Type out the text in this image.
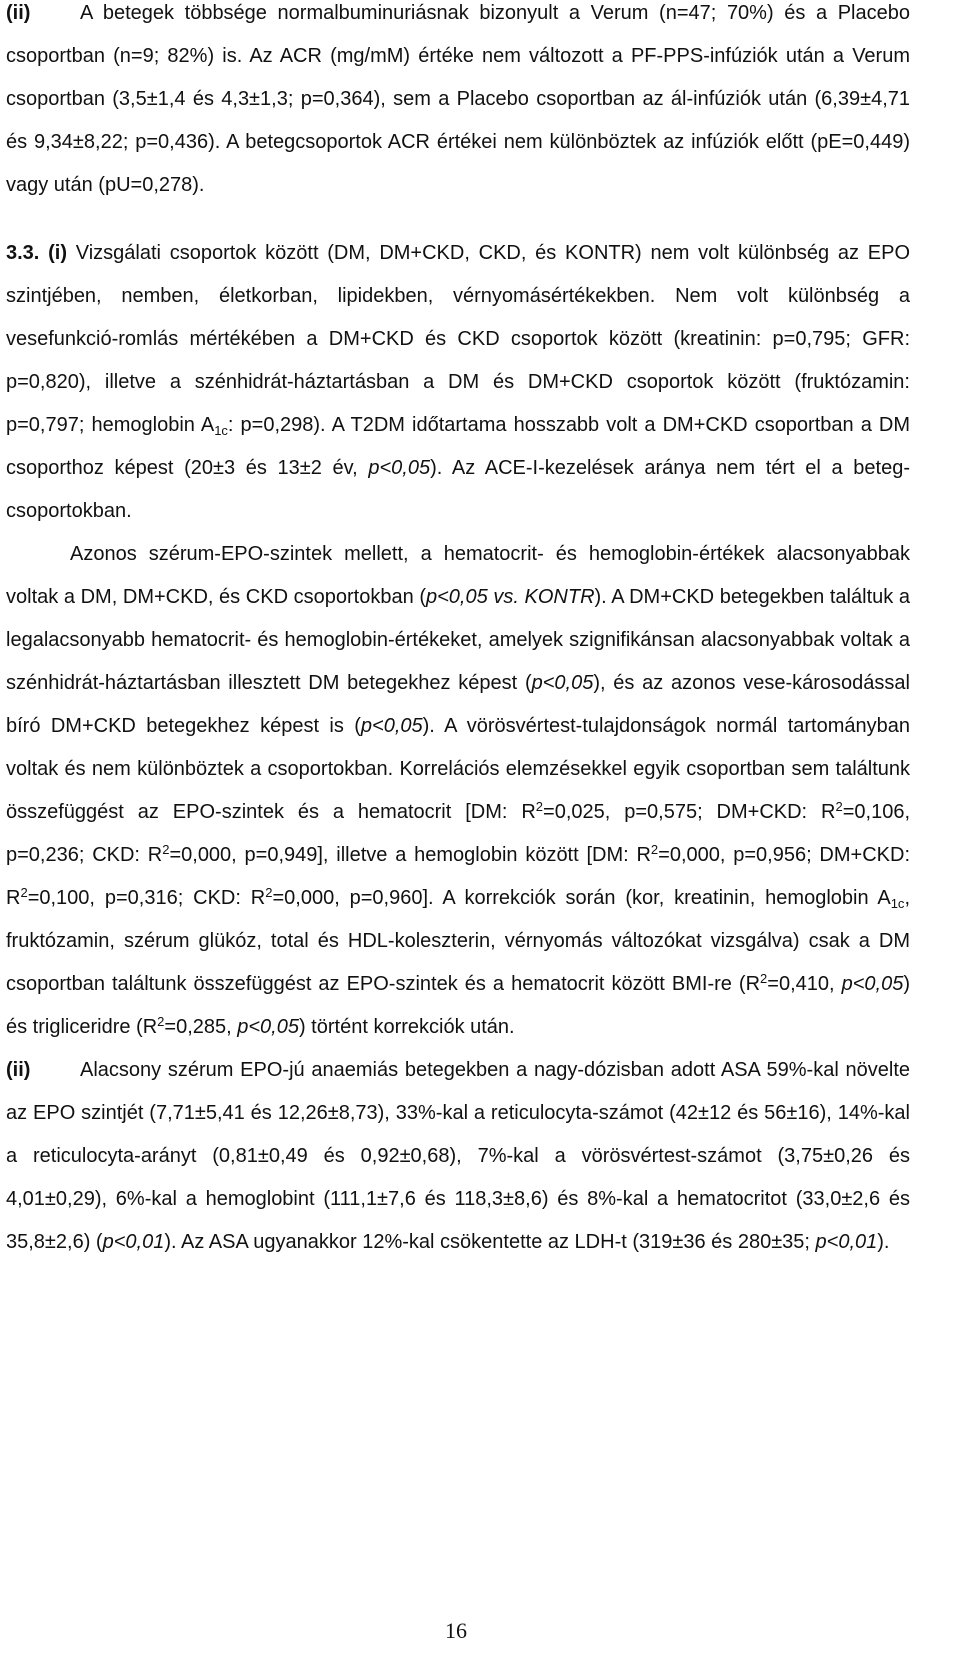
(ii) A betegek többsége normalbuminuriásnak bizonyult a Verum (n=47; 70%) és a Placebo csoportban (n=9; 82%) is. Az ACR (mg/mM) értéke nem változott a PF-PPS-infúziók után a Verum csoportban (3,5±1,4 és 4,3±1,3; p=0,364), sem a Placebo csoportban az ál-infúziók után (6,39±4,71 és 9,34±8,22; p=0,436). A betegcsoportok ACR értékei nem különböztek az infúziók előtt (pE=0,449) vagy után (pU=0,278).

3.3. (i) Vizsgálati csoportok között (DM, DM+CKD, CKD, és KONTR) nem volt különbség az EPO szintjében, nemben, életkorban, lipidekben, vérnyomásértékekben. Nem volt különbség a vesefunkció-romlás mértékében a DM+CKD és CKD csoportok között (kreatinin: p=0,795; GFR: p=0,820), illetve a szénhidrát-háztartásban a DM és DM+CKD csoportok között (fruktózamin: p=0,797; hemoglobin $A_{1c}$: p=0,298). A T2DM időtartama hosszabb volt a DM+CKD csoportban a DM csoporthoz képest (20±3 és 13±2 év, p<0,05). Az ACE-I-kezelések aránya nem tért el a beteg-csoportokban.

Azonos szérum-EPO-szintek mellett, a hematocrit- és hemoglobin-értékek alacsonyabbak voltak a DM, DM+CKD, és CKD csoportokban (p<0,05 vs. KONTR). A DM+CKD betegekben találtuk a legalacsonyabb hematocrit- és hemoglobin-értékeket, amelyek szignifikánsan alacsonyabbak voltak a szénhidrát-háztartásban illesztett DM betegekhez képest (p<0,05), és az azonos vese-károsodással bíró DM+CKD betegekhez képest is (p<0,05). A vörösvértest-tulajdonságok normál tartományban voltak és nem különböztek a csoportokban. Korrelációs elemzésekkel egyik csoportban sem találtunk összefüggést az EPO-szintek és a hematocrit [DM: $R^2=0,025$, p=0,575; DM+CKD: $R^2=0,106$, p=0,236; CKD: $R^2=0,000$, p=0,949], illetve a hemoglobin között [DM: $R^2=0,000$, p=0,956; DM+CKD: $R^2=0,100$, p=0,316; CKD: $R^2=0,000$, p=0,960]. A korrekciók során (kor, kreatinin, hemoglobin $A_{1c}$, fruktózamin, szérum glükóz, total és HDL-koleszterin, vérnyomás változókat vizsgálva) csak a DM csoportban találtunk összefüggést az EPO-szintek és a hematocrit között BMI-re ($R^2=0,410$, p<0,05) és trigliceridre ($R^2=0,285$, p<0,05) történt korrekciók után.

(ii) Alacsony szérum EPO-jú anaemiás betegekben a nagy-dózisban adott ASA 59%-kal növelte az EPO szintjét (7,71±5,41 és 12,26±8,73), 33%-kal a reticulocyta-számot (42±12 és 56±16), 14%-kal a reticulocyta-arányt (0,81±0,49 és 0,92±0,68), 7%-kal a vörösvértest-számot (3,75±0,26 és 4,01±0,29), 6%-kal a hemoglobint (111,1±7,6 és 118,3±8,6) és 8%-kal a hematocritot (33,0±2,6 és 35,8±2,6) (p<0,01). Az ASA ugyanakkor 12%-kal csökentette az LDH-t (319±36 és 280±35; p<0,01).

16
